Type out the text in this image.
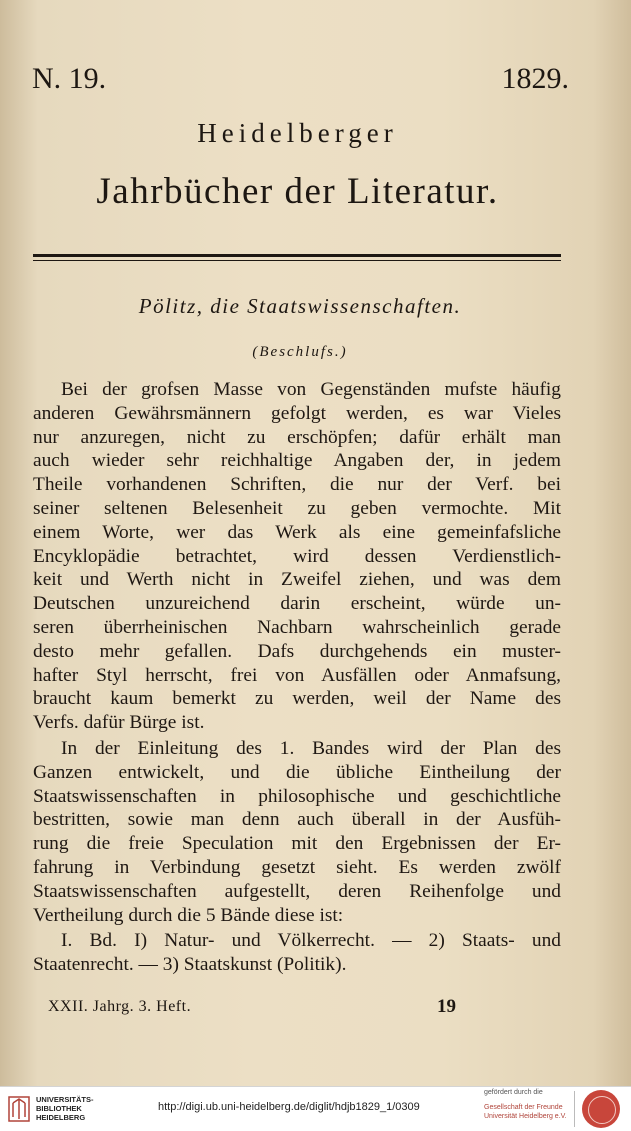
N. 19.	1829.
Heidelberger
Jahrbücher der Literatur.
Pölitz, die Staatswissenschaften.
(Beschlufs.)
Bei der grofsen Masse von Gegenständen mufste häufig
anderen Gewährsmännern gefolgt werden, es war Vieles
nur anzuregen, nicht zu erschöpfen; dafür erhält man
auch wieder sehr reichhaltige Angaben der, in jedem
Theile vorhandenen Schriften, die nur der Verf. bei
seiner seltenen Belesenheit zu geben vermochte. Mit
einem Worte, wer das Werk als eine gemeinfafsliche
Encyklopädie betrachtet, wird dessen Verdienstlich-
keit und Werth nicht in Zweifel ziehen, und was dem
Deutschen unzureichend darin erscheint, würde un-
seren überrheinischen Nachbarn wahrscheinlich gerade
desto mehr gefallen. Dafs durchgehends ein muster-
hafter Styl herrscht, frei von Ausfällen oder Anmafsung,
braucht kaum bemerkt zu werden, weil der Name des
Verfs. dafür Bürge ist.
In der Einleitung des 1. Bandes wird der Plan des
Ganzen entwickelt, und die übliche Eintheilung der
Staatswissenschaften in philosophische und geschichtliche
bestritten, sowie man denn auch überall in der Ausfüh-
rung die freie Speculation mit den Ergebnissen der Er-
fahrung in Verbindung gesetzt sieht. Es werden zwölf
Staatswissenschaften aufgestellt, deren Reihenfolge und
Vertheilung durch die 5 Bände diese ist:
I. Bd. I) Natur- und Völkerrecht. — 2) Staats- und
Staatenrecht. — 3) Staatskunst (Politik).
XXII. Jahrg. 3. Heft.	19
UNIVERSITÄTS-
BIBLIOTHEK
HEIDELBERG
http://digi.ub.uni-heidelberg.de/diglit/hdjb1829_1/0309
gefördert durch die
Gesellschaft der Freunde
Universität Heidelberg e.V.
